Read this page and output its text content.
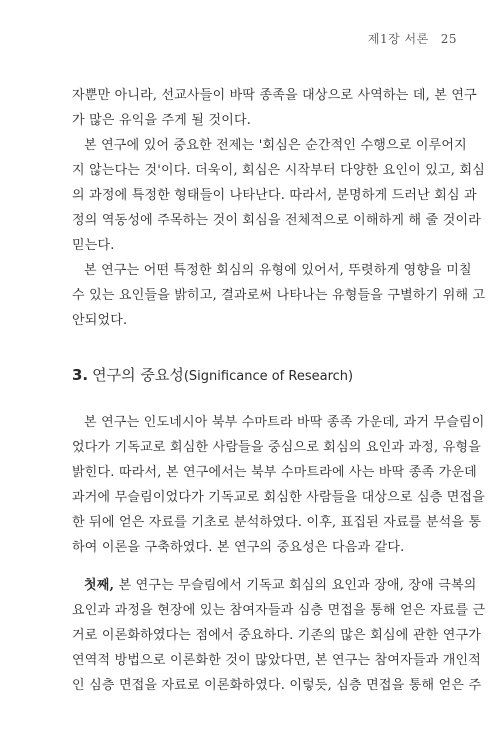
제1장 서론 25
자뿐만 아니라, 선교사들이 바딱 종족을 대상으로 사역하는 데, 본 연구
가 많은 유익을 주게 될 것이다.
본 연구에 있어 중요한 전제는 '회심은 순간적인 수행으로 이루어지
지 않는다는 것'이다. 더욱이, 회심은 시작부터 다양한 요인이 있고, 회심
의 과정에 특정한 형태들이 나타난다. 따라서, 분명하게 드러난 회심 과
정의 역동성에 주목하는 것이 회심을 전체적으로 이해하게 해 줄 것이라
믿는다.
본 연구는 어떤 특정한 회심의 유형에 있어서, 뚜렷하게 영향을 미칠
수 있는 요인들을 밝히고, 결과로써 나타나는 유형들을 구별하기 위해 고
안되었다.
3. 연구의 중요성(Significance of Research)
본 연구는 인도네시아 북부 수마트라 바딱 종족 가운데, 과거 무슬림이
었다가 기독교로 회심한 사람들을 중심으로 회심의 요인과 과정, 유형을
밝힌다. 따라서, 본 연구에서는 북부 수마트라에 사는 바딱 종족 가운데
과거에 무슬림이었다가 기독교로 회심한 사람들을 대상으로 심층 면접을
한 뒤에 얻은 자료를 기초로 분석하였다. 이후, 표집된 자료를 분석을 통
하여 이론을 구축하였다. 본 연구의 중요성은 다음과 같다.
첫째, 본 연구는 무슬림에서 기독교 회심의 요인과 장애, 장애 극복의
요인과 과정을 현장에 있는 참여자들과 심층 면접을 통해 얻은 자료를 근
거로 이론화하였다는 점에서 중요하다. 기존의 많은 회심에 관한 연구가
연역적 방법으로 이론화한 것이 많았다면, 본 연구는 참여자들과 개인적
인 심층 면접을 자료로 이론화하였다. 이렇듯, 심층 면접을 통해 얻은 주
